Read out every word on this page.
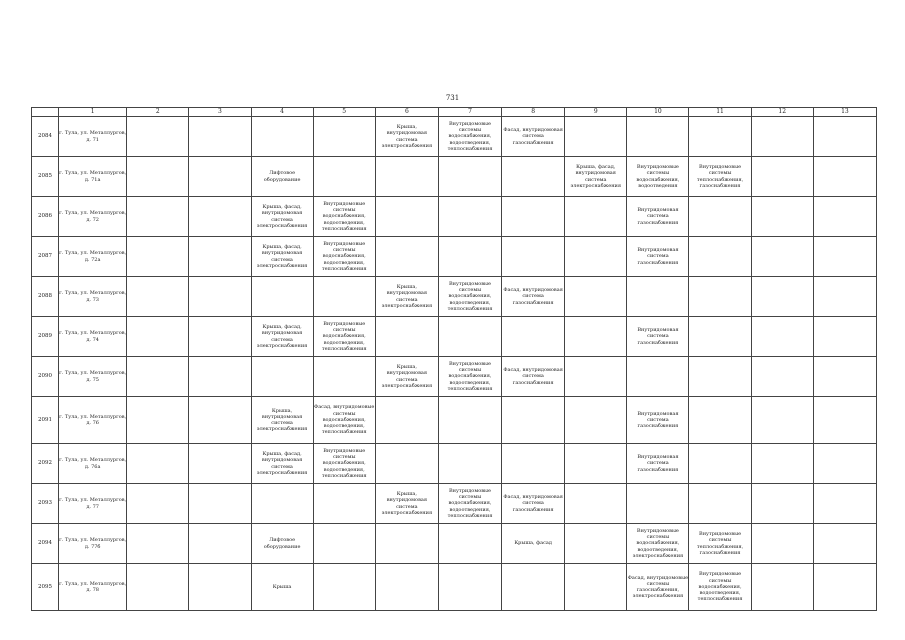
731
	1	2	3	4	5	6	7	8	9	10	11	12	13
2084	г. Тула, ул. Металлургов, д. 71					Крыша, внутридомовая система электроснабжения	Внутридомовые системы водоснабжения, водоотведения, теплоснабжения	Фасад, внутридомовая система газоснабжения					
2085	г. Тула, ул. Металлургов, д. 71а			Лифтовое оборудование					Крыша, фасад, внутридомовая система электроснабжения	Внутридомовые системы водоснабжения, водоотведения	Внутридомовые системы теплоснабжения, газоснабжения		
2086	г. Тула, ул. Металлургов, д. 72			Крыша, фасад, внутридомовая система электроснабжения	Внутридомовые системы водоснабжения, водоотведения, теплоснабжения					Внутридомовая система газоснабжения			
2087	г. Тула, ул. Металлургов, д. 72а			Крыша, фасад, внутридомовая система электроснабжения	Внутридомовые системы водоснабжения, водоотведения, теплоснабжения					Внутридомовая система газоснабжения			
2088	г. Тула, ул. Металлургов, д. 73					Крыша, внутридомовая система электроснабжения	Внутридомовые системы водоснабжения, водоотведения, теплоснабжения	Фасад, внутридомовая система газоснабжения					
2089	г. Тула, ул. Металлургов, д. 74			Крыша, фасад, внутридомовая система электроснабжения	Внутридомовые системы водоснабжения, водоотведения, теплоснабжения					Внутридомовая система газоснабжения			
2090	г. Тула, ул. Металлургов, д. 75					Крыша, внутридомовая система электроснабжения	Внутридомовые системы водоснабжения, водоотведения, теплоснабжения	Фасад, внутридомовая система газоснабжения					
2091	г. Тула, ул. Металлургов, д. 76			Крыша, внутридомовая система электроснабжения	Фасад, внутридомовые системы водоснабжения, водоотведения, теплоснабжения					Внутридомовая система газоснабжения			
2092	г. Тула, ул. Металлургов, д. 76а			Крыша, фасад, внутридомовая система электроснабжения	Внутридомовые системы водоснабжения, водоотведения, теплоснабжения					Внутридомовая система газоснабжения			
2093	г. Тула, ул. Металлургов, д. 77					Крыша, внутридомовая система электроснабжения	Внутридомовые системы водоснабжения, водоотведения, теплоснабжения	Фасад, внутридомовая система газоснабжения					
2094	г. Тула, ул. Металлургов, д. 77б			Лифтовое оборудование				Крыша, фасад		Внутридомовые системы водоснабжения, водоотведения, электроснабжения	Внутридомовые системы теплоснабжения, газоснабжения		
2095	г. Тула, ул. Металлургов, д. 78			Крыша						Фасад, внутридомовые системы газоснабжения, электроснабжения	Внутридомовые системы водоснабжения, водоотведения, теплоснабжения		
